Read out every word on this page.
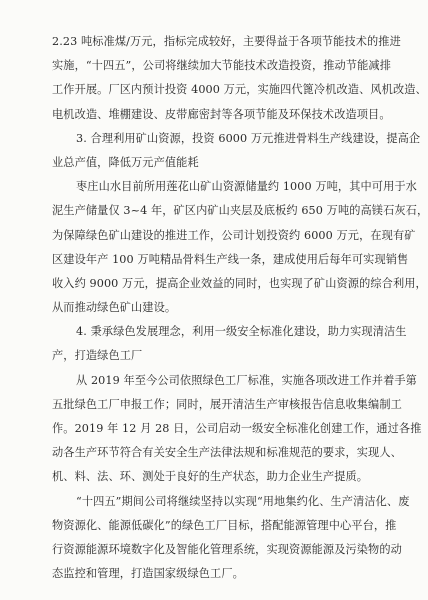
2.23 吨标准煤/万元，指标完成较好，主要得益于各项节能技术的推进
实施，“十四五”，公司将继续加大节能技术改造投资，推动节能减排
工作开展。厂区内预计投资 4000 万元，实施四代篦冷机改造、风机改造、
电机改造、堆棚建设、皮带廊密封等各项节能及环保技术改造项目。
3. 合理利用矿山资源，投资 6000 万元推进骨料生产线建设，提高企
业总产值，降低万元产值能耗
枣庄山水目前所用莲花山矿山资源储量约 1000 万吨，其中可用于水
泥生产储量仅 3~4 年，矿区内矿山夹层及底板约 650 万吨的高镁石灰石，
为保障绿色矿山建设的推进工作，公司计划投资约 6000 万元，在现有矿
区建设年产 100 万吨精品骨料生产线一条，建成使用后每年可实现销售
收入约 9000 万元，提高企业效益的同时，也实现了矿山资源的综合利用，
从而推动绿色矿山建设。
4. 秉承绿色发展理念，利用一级安全标准化建设，助力实现清洁生
产，打造绿色工厂
从 2019 年至今公司依照绿色工厂标准，实施各项改进工作并着手第
五批绿色工厂申报工作；同时，展开清洁生产审核报告信息收集编制工
作。2019 年 12 月 28 日，公司启动一级安全标准化创建工作，通过各推
动各生产环节符合有关安全生产法律法规和标准规范的要求，实现人、
机、料、法、环、测处于良好的生产状态，助力企业生产提质。
“十四五”期间公司将继续坚持以实现“用地集约化、生产清洁化、废
物资源化、能源低碳化”的绿色工厂目标，搭配能源管理中心平台，推
行资源能源环境数字化及智能化管理系统，实现资源能源及污染物的动
态监控和管理，打造国家级绿色工厂。
